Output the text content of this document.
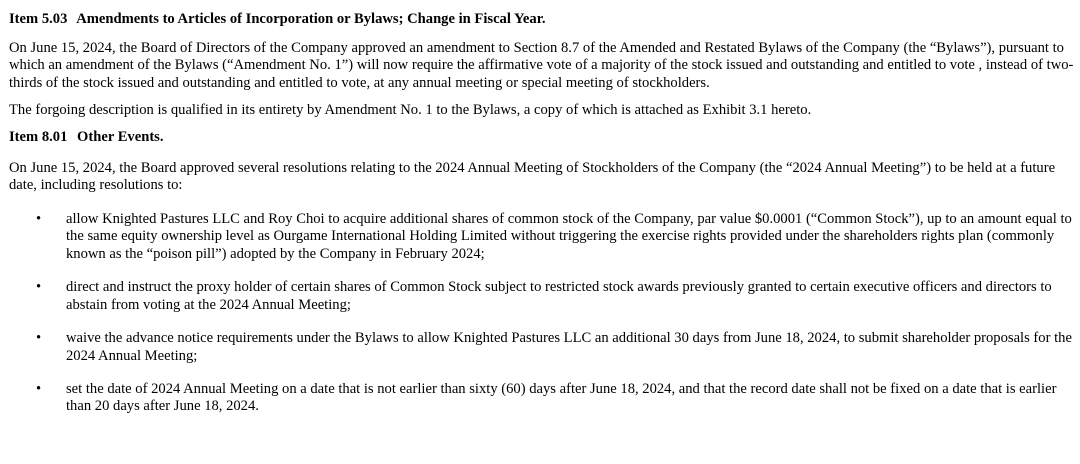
Item 5.03 Amendments to Articles of Incorporation or Bylaws; Change in Fiscal Year.

On June 15, 2024, the Board of Directors of the Company approved an amendment to Section 8.7 of the Amended and Restated Bylaws of the Company (the “Bylaws”), pursuant to which an amendment of the Bylaws (“Amendment No. 1”) will now require the affirmative vote of a majority of the stock issued and outstanding and entitled to vote , instead of two-thirds of the stock issued and outstanding and entitled to vote, at any annual meeting or special meeting of stockholders.

The forgoing description is qualified in its entirety by Amendment No. 1 to the Bylaws, a copy of which is attached as Exhibit 3.1 hereto.

Item 8.01 Other Events.

On June 15, 2024, the Board approved several resolutions relating to the 2024 Annual Meeting of Stockholders of the Company (the “2024 Annual Meeting”) to be held at a future date, including resolutions to:

• allow Knighted Pastures LLC and Roy Choi to acquire additional shares of common stock of the Company, par value $0.0001 (“Common Stock”), up to an amount equal to the same equity ownership level as Ourgame International Holding Limited without triggering the exercise rights provided under the shareholders rights plan (commonly known as the “poison pill”) adopted by the Company in February 2024;
• direct and instruct the proxy holder of certain shares of Common Stock subject to restricted stock awards previously granted to certain executive officers and directors to abstain from voting at the 2024 Annual Meeting;
• waive the advance notice requirements under the Bylaws to allow Knighted Pastures LLC an additional 30 days from June 18, 2024, to submit shareholder proposals for the 2024 Annual Meeting;
• set the date of 2024 Annual Meeting on a date that is not earlier than sixty (60) days after June 18, 2024, and that the record date shall not be fixed on a date that is earlier than 20 days after June 18, 2024.
